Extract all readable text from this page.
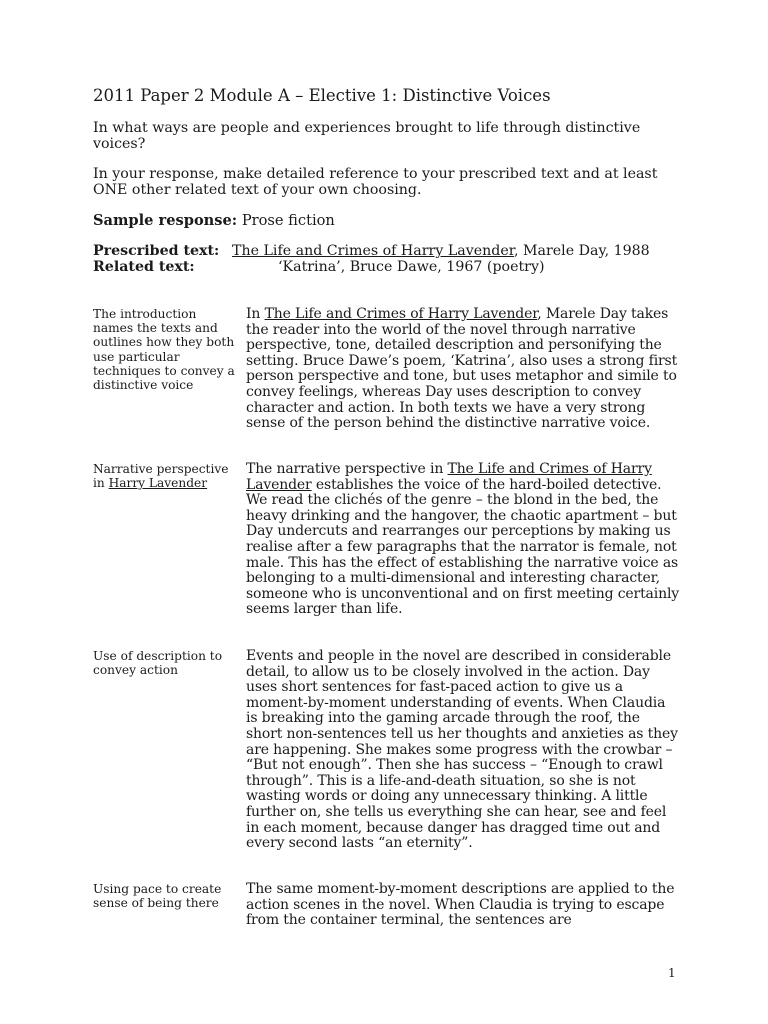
2011 Paper 2 Module A – Elective 1: Distinctive Voices

In what ways are people and experiences brought to life through distinctive voices?

In your response, make detailed reference to your prescribed text and at least ONE other related text of your own choosing.

Sample response: Prose fiction

Prescribed text: The Life and Crimes of Harry Lavender, Marele Day, 1988
Related text:	‘Katrina’, Bruce Dawe, 1967 (poetry)

The introduction names the texts and outlines how they both use particular techniques to convey a distinctive voice

In The Life and Crimes of Harry Lavender, Marele Day takes the reader into the world of the novel through narrative perspective, tone, detailed description and personifying the setting. Bruce Dawe’s poem, ‘Katrina’, also uses a strong first person perspective and tone, but uses metaphor and simile to convey feelings, whereas Day uses description to convey character and action. In both texts we have a very strong sense of the person behind the distinctive narrative voice.

Narrative perspective in Harry Lavender

The narrative perspective in The Life and Crimes of Harry Lavender establishes the voice of the hard-boiled detective. We read the clichés of the genre – the blond in the bed, the heavy drinking and the hangover, the chaotic apartment – but Day undercuts and rearranges our perceptions by making us realise after a few paragraphs that the narrator is female, not male. This has the effect of establishing the narrative voice as belonging to a multi-dimensional and interesting character, someone who is unconventional and on first meeting certainly seems larger than life.

Use of description to convey action

Events and people in the novel are described in considerable detail, to allow us to be closely involved in the action. Day uses short sentences for fast-paced action to give us a moment-by-moment understanding of events. When Claudia is breaking into the gaming arcade through the roof, the short non-sentences tell us her thoughts and anxieties as they are happening. She makes some progress with the crowbar – “But not enough”. Then she has success – “Enough to crawl through”. This is a life-and-death situation, so she is not wasting words or doing any unnecessary thinking. A little further on, she tells us everything she can hear, see and feel in each moment, because danger has dragged time out and every second lasts “an eternity”.

Using pace to create sense of being there

The same moment-by-moment descriptions are applied to the action scenes in the novel. When Claudia is trying to escape from the container terminal, the sentences are

1
